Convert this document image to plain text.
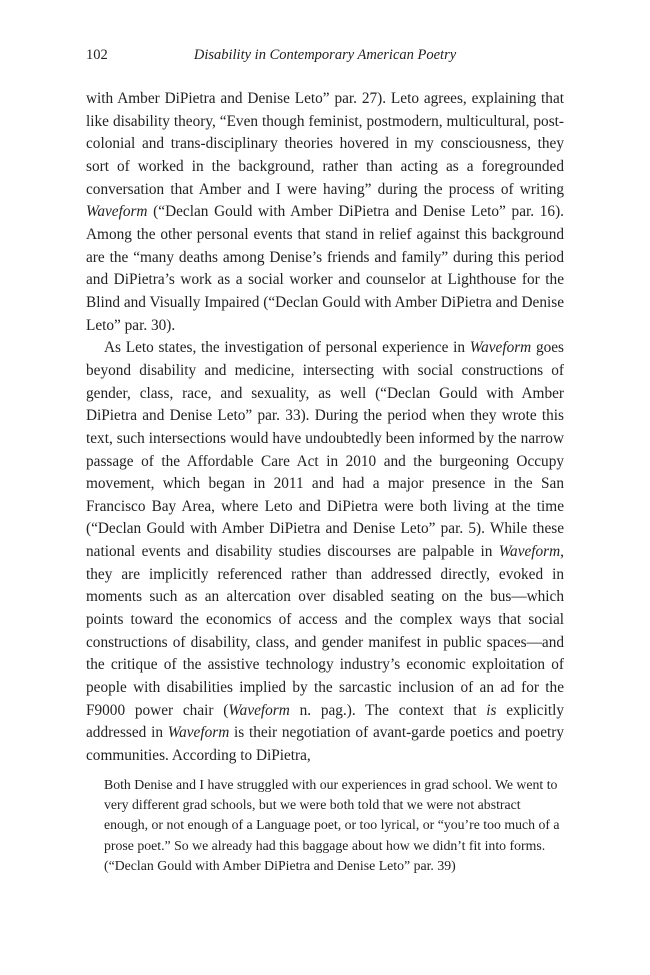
102	Disability in Contemporary American Poetry

with Amber DiPietra and Denise Leto” par. 27). Leto agrees, explaining that like disability theory, “Even though feminist, postmodern, multicultural, post-colonial and trans-disciplinary theories hovered in my consciousness, they sort of worked in the background, rather than acting as a foregrounded conversation that Amber and I were having” during the process of writing Waveform (“Declan Gould with Amber DiPietra and Denise Leto” par. 16). Among the other personal events that stand in relief against this background are the “many deaths among Denise’s friends and family” during this period and DiPietra’s work as a social worker and counselor at Lighthouse for the Blind and Visually Impaired (“Declan Gould with Amber DiPietra and Denise Leto” par. 30).

As Leto states, the investigation of personal experience in Waveform goes beyond disability and medicine, intersecting with social constructions of gender, class, race, and sexuality, as well (“Declan Gould with Amber DiPietra and Denise Leto” par. 33). During the period when they wrote this text, such intersections would have undoubtedly been informed by the narrow passage of the Affordable Care Act in 2010 and the burgeoning Occupy movement, which began in 2011 and had a major presence in the San Francisco Bay Area, where Leto and DiPietra were both living at the time (“Declan Gould with Amber DiPietra and Denise Leto” par. 5). While these national events and disability studies discourses are palpable in Waveform, they are implicitly referenced rather than addressed directly, evoked in moments such as an altercation over disabled seating on the bus—which points toward the economics of access and the complex ways that social constructions of disability, class, and gender manifest in public spaces—and the critique of the assistive technology industry’s economic exploitation of people with disabilities implied by the sarcastic inclusion of an ad for the F9000 power chair (Waveform n. pag.). The context that is explicitly addressed in Waveform is their negotiation of avant-garde poetics and poetry communities. According to DiPietra,

Both Denise and I have struggled with our experiences in grad school. We went to very different grad schools, but we were both told that we were not abstract enough, or not enough of a Language poet, or too lyrical, or “you’re too much of a prose poet.” So we already had this baggage about how we didn’t fit into forms. (“Declan Gould with Amber DiPietra and Denise Leto” par. 39)
